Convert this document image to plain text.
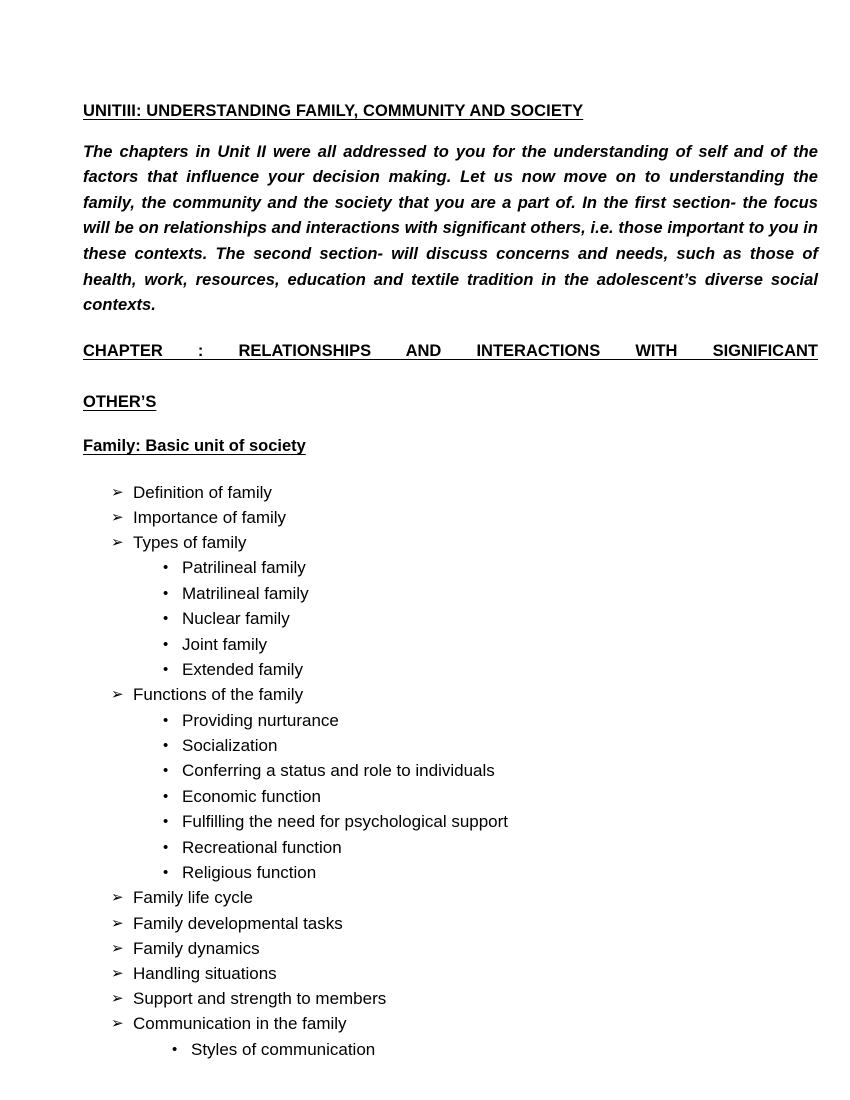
UNITIII: UNDERSTANDING FAMILY, COMMUNITY AND SOCIETY

The chapters in Unit II were all addressed to you for the understanding of self and of the factors that influence your decision making. Let us now move on to understanding the family, the community and the society that you are a part of. In the first section- the focus will be on relationships and interactions with significant others, i.e. those important to you in these contexts. The second section- will discuss concerns and needs, such as those of health, work, resources, education and textile tradition in the adolescent’s diverse social contexts.

CHAPTER : RELATIONSHIPS AND INTERACTIONS WITH SIGNIFICANTOTHER’S
Family: Basic unit of society
➢ Definition of family
➢ Importance of family
➢ Types of family
• Patrilineal family
• Matrilineal family
• Nuclear family
• Joint family
• Extended family
➢ Functions of the family
• Providing nurturance
• Socialization
• Conferring a status and role to individuals
• Economic function
• Fulfilling the need for psychological support
• Recreational function
• Religious function
➢ Family life cycle
➢ Family developmental tasks
➢ Family dynamics
➢ Handling situations
➢ Support and strength to members
➢ Communication in the family
• Styles of communication
